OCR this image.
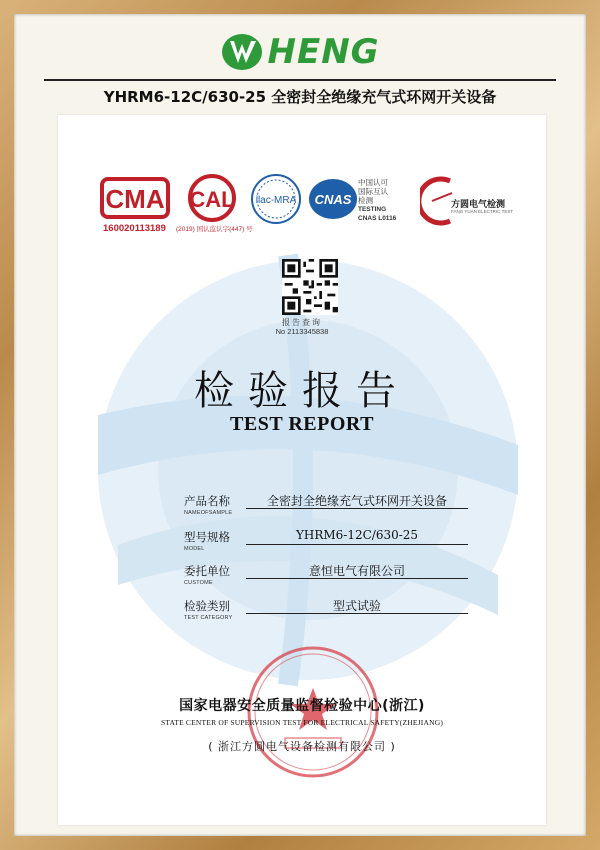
HENG
YHRM6-12C/630-25 全密封全绝缘充气式环网开关设备
CMA
160020113189 (2019) 国认监认字(447) 号
CAL ilac-MRA CNAS
中国认可
国际互认
检测
TESTING
CNAS L0116
方圆电气检测
FANG YUAN ELECTRIC TEST
报告查询
No 2113345838
检验报告
TEST REPORT
产品名称
NAMEOFSAMPLE
全密封全绝缘充气式环网开关设备
型号规格
MODEL
YHRM6-12C/630-25
委托单位
CUSTOME
意恒电气有限公司
检验类别
TEST CATEGORY
型式试验
国家电器安全质量监督检验中心(浙江)
STATE CENTER OF SUPERVISION TEST FOR ELECTRICAL SAFETY(ZHEJIANG)
( 浙江方圆电气设备检测有限公司 )
